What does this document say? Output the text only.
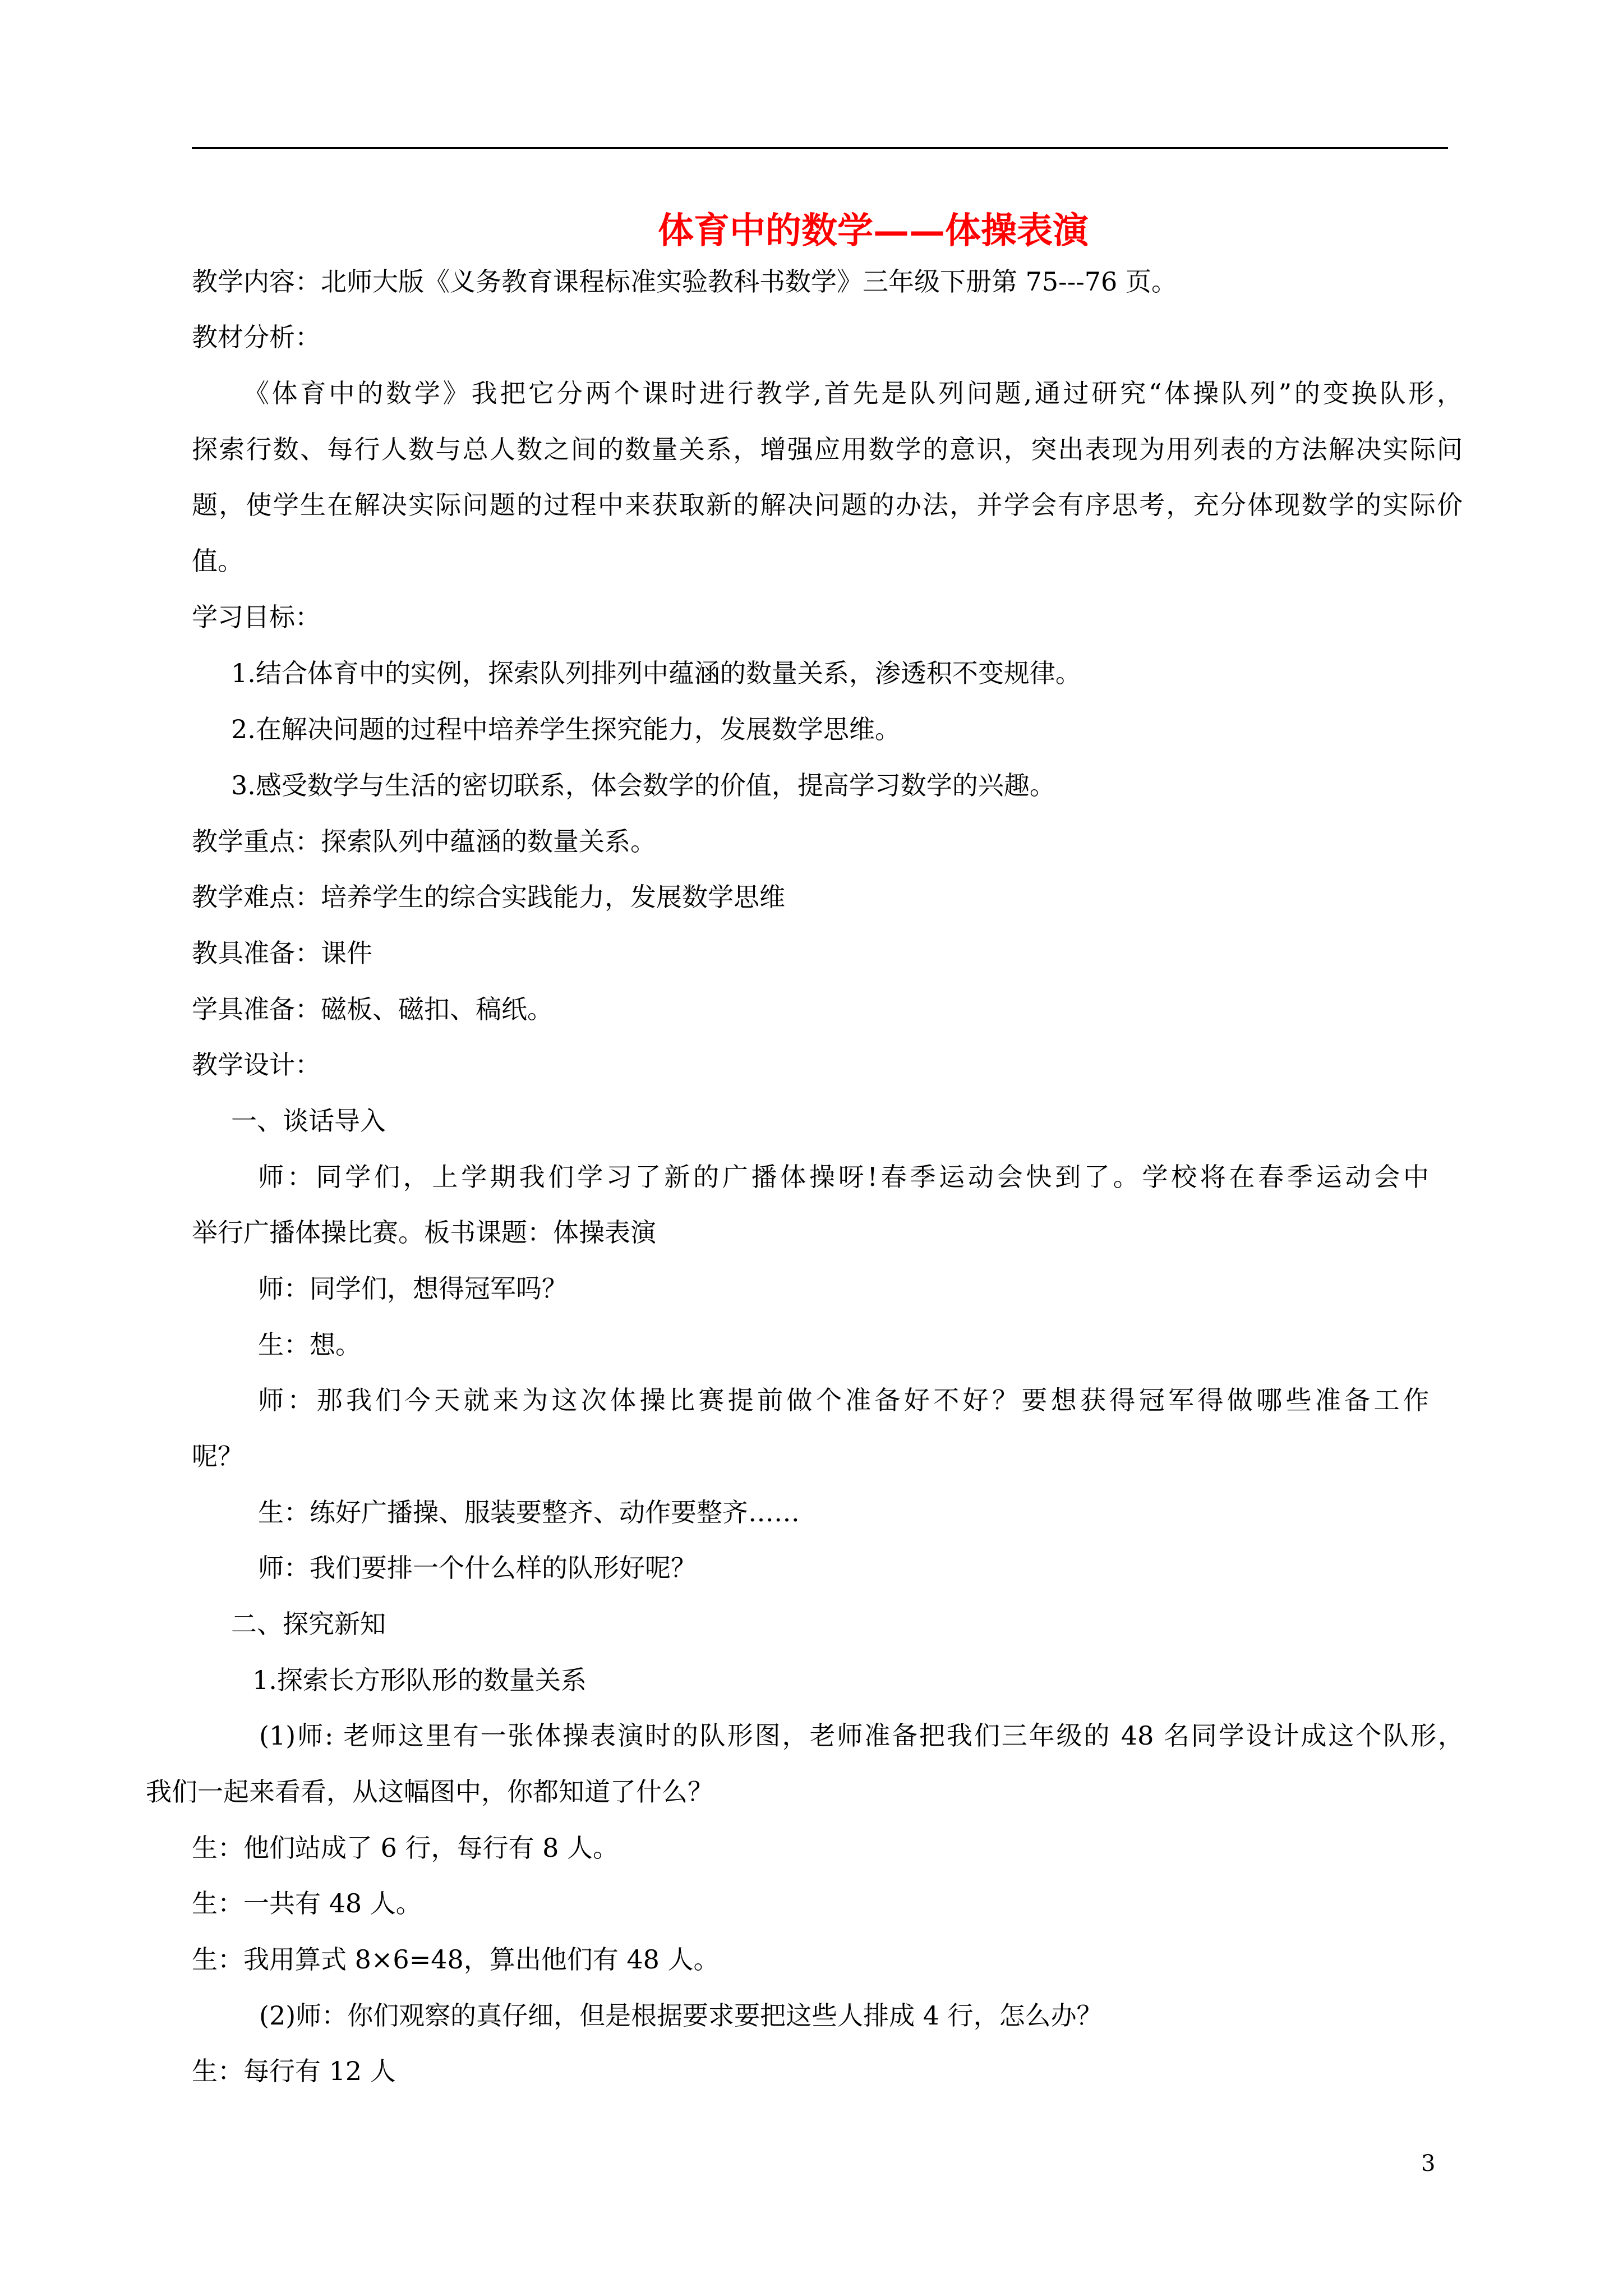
体育中的数学——体操表演
教学内容：北师大版《义务教育课程标准实验教科书数学》三年级下册第 75---76 页。
教材分析：
《体育中的数学》我把它分两个课时进行教学,首先是队列问题,通过研究“体操队列”的变换队形，
探索行数、每行人数与总人数之间的数量关系，增强应用数学的意识，突出表现为用列表的方法解决实际问
题，使学生在解决实际问题的过程中来获取新的解决问题的办法，并学会有序思考，充分体现数学的实际价
值。
学习目标：
1.结合体育中的实例，探索队列排列中蕴涵的数量关系，渗透积不变规律。
2.在解决问题的过程中培养学生探究能力，发展数学思维。
3.感受数学与生活的密切联系，体会数学的价值，提高学习数学的兴趣。
教学重点：探索队列中蕴涵的数量关系。
教学难点：培养学生的综合实践能力，发展数学思维
教具准备：课件
学具准备：磁板、磁扣、稿纸。
教学设计：
一、谈话导入
师：同学们，上学期我们学习了新的广播体操呀!春季运动会快到了。学校将在春季运动会中
举行广播体操比赛。板书课题：体操表演
师：同学们，想得冠军吗？
生：想。
师：那我们今天就来为这次体操比赛提前做个准备好不好？要想获得冠军得做哪些准备工作
呢？
生：练好广播操、服装要整齐、动作要整齐……
师：我们要排一个什么样的队形好呢？
二、探究新知
1.探索长方形队形的数量关系
(1)师: 老师这里有一张体操表演时的队形图，老师准备把我们三年级的 48 名同学设计成这个队形，
我们一起来看看，从这幅图中，你都知道了什么？
生：他们站成了 6 行，每行有 8 人。
生：一共有 48 人。
生：我用算式 8×6=48，算出他们有 48 人。
(2)师：你们观察的真仔细，但是根据要求要把这些人排成 4 行，怎么办？
生：每行有 12 人
3
